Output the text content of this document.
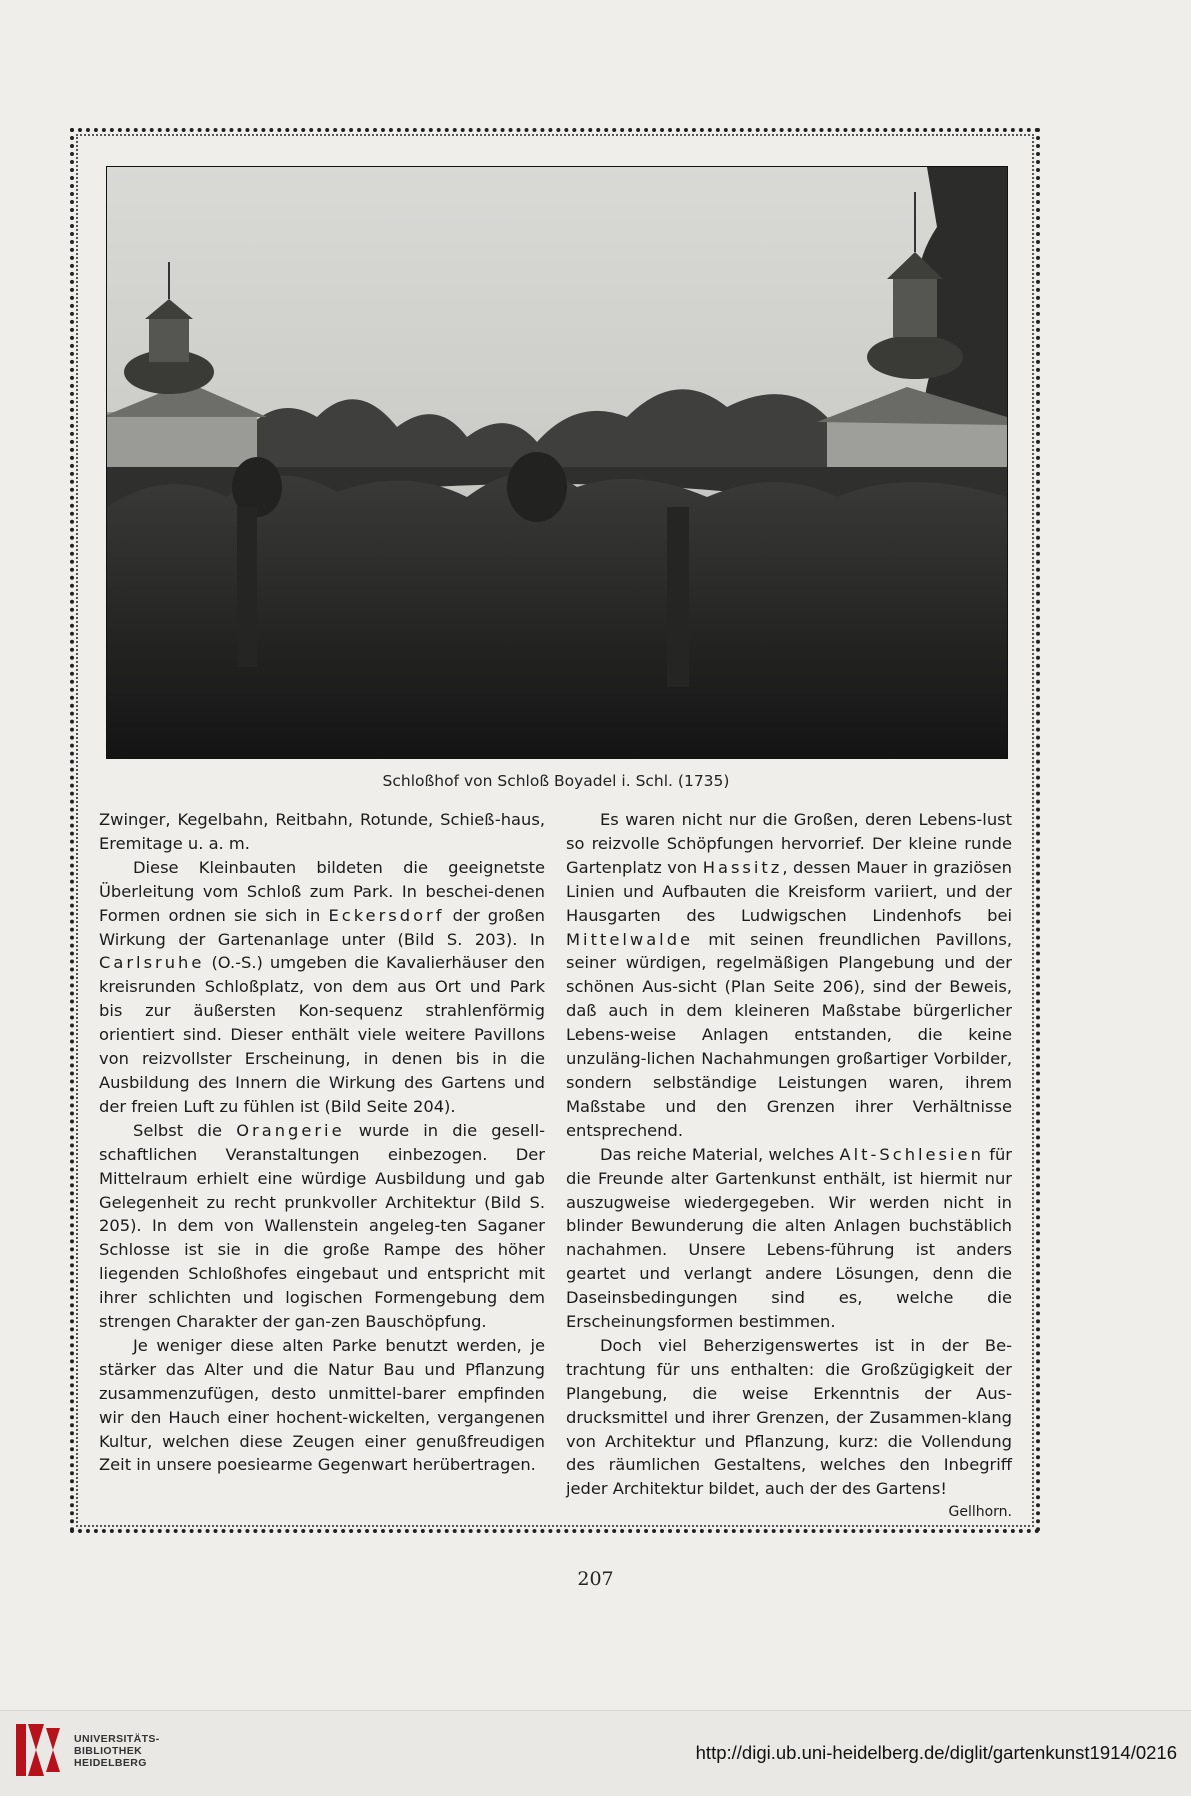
Schloßhof von Schloß Boyadel i. Schl. (1735)

Zwinger, Kegelbahn, Reitbahn, Rotunde, Schieß-haus, Eremitage u. a. m.

Diese Kleinbauten bildeten die geeignetste Überleitung vom Schloß zum Park. In beschei-denen Formen ordnen sie sich in Eckersdorf der großen Wirkung der Gartenanlage unter (Bild S. 203). In Carlsruhe (O.-S.) umgeben die Kavalierhäuser den kreisrunden Schloßplatz, von dem aus Ort und Park bis zur äußersten Kon-sequenz strahlenförmig orientiert sind. Dieser enthält viele weitere Pavillons von reizvollster Erscheinung, in denen bis in die Ausbildung des Innern die Wirkung des Gartens und der freien Luft zu fühlen ist (Bild Seite 204).

Selbst die Orangerie wurde in die gesell-schaftlichen Veranstaltungen einbezogen. Der Mittelraum erhielt eine würdige Ausbildung und gab Gelegenheit zu recht prunkvoller Architektur (Bild S. 205). In dem von Wallenstein angeleg-ten Saganer Schlosse ist sie in die große Rampe des höher liegenden Schloßhofes eingebaut und entspricht mit ihrer schlichten und logischen Formengebung dem strengen Charakter der gan-zen Bauschöpfung.

Je weniger diese alten Parke benutzt werden, je stärker das Alter und die Natur Bau und Pflanzung zusammenzufügen, desto unmittel-barer empfinden wir den Hauch einer hochent-wickelten, vergangenen Kultur, welchen diese Zeugen einer genußfreudigen Zeit in unsere poesiearme Gegenwart herübertragen.

Es waren nicht nur die Großen, deren Lebens-lust so reizvolle Schöpfungen hervorrief. Der kleine runde Gartenplatz von Hassitz, dessen Mauer in graziösen Linien und Aufbauten die Kreisform variiert, und der Hausgarten des Ludwigschen Lindenhofs bei Mittelwalde mit seinen freundlichen Pavillons, seiner würdigen, regelmäßigen Plangebung und der schönen Aus-sicht (Plan Seite 206), sind der Beweis, daß auch in dem kleineren Maßstabe bürgerlicher Lebens-weise Anlagen entstanden, die keine unzuläng-lichen Nachahmungen großartiger Vorbilder, sondern selbständige Leistungen waren, ihrem Maßstabe und den Grenzen ihrer Verhältnisse entsprechend.

Das reiche Material, welches Alt-Schlesien für die Freunde alter Gartenkunst enthält, ist hiermit nur auszugweise wiedergegeben. Wir werden nicht in blinder Bewunderung die alten Anlagen buchstäblich nachahmen. Unsere Lebens-führung ist anders geartet und verlangt andere Lösungen, denn die Daseinsbedingungen sind es, welche die Erscheinungsformen bestimmen.

Doch viel Beherzigenswertes ist in der Be-trachtung für uns enthalten: die Großzügigkeit der Plangebung, die weise Erkenntnis der Aus-drucksmittel und ihrer Grenzen, der Zusammen-klang von Architektur und Pflanzung, kurz: die Vollendung des räumlichen Gestaltens, welches den Inbegriff jeder Architektur bildet, auch der des Gartens!
Gellhorn.

207
UNIVERSITÄTS-
BIBLIOTHEK
HEIDELBERG	http://digi.ub.uni-heidelberg.de/diglit/gartenkunst1914/0216
